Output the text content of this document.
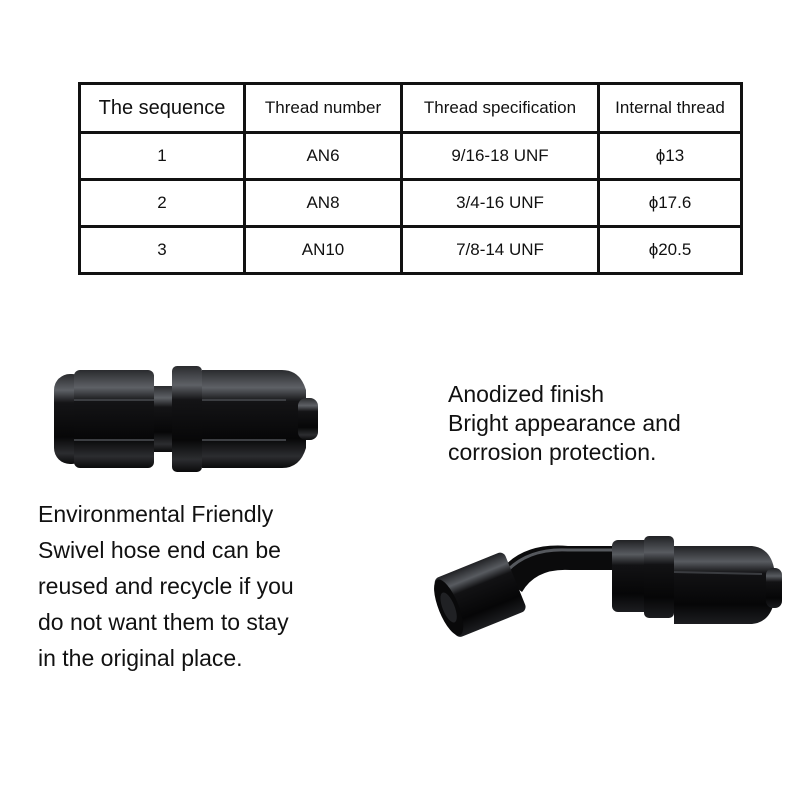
The sequence	Thread number	Thread specification	Internal thread
1	AN6	9/16-18 UNF	ϕ13
2	AN8	3/4-16 UNF	ϕ17.6
3	AN10	7/8-14 UNF	ϕ20.5

Anodized finish

Bright appearance and

corrosion protection.

Environmental Friendly

Swivel hose end can be

reused and recycle if you

do not want them to stay

in the original place.
